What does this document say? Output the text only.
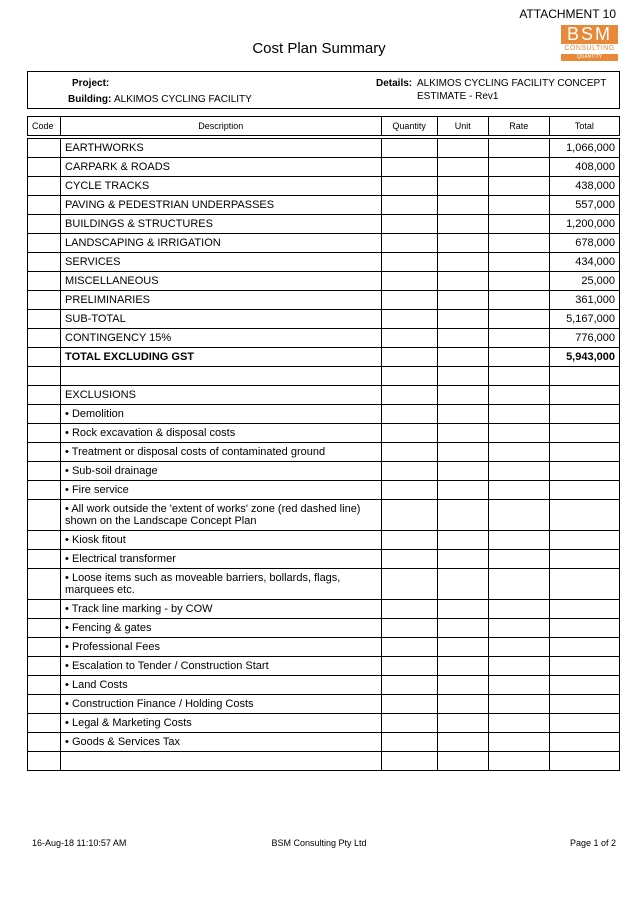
ATTACHMENT 10
BSM
CONSULTING
QUANTITY SURVEYORS
Cost Plan Summary
Project:
Building: ALKIMOS CYCLING FACILITY
Details: ALKIMOS CYCLING FACILITY CONCEPT
ESTIMATE - Rev1
Code	Description	Quantity	Unit	Rate	Total

	EARTHWORKS				1,066,000
	CARPARK & ROADS				408,000
	CYCLE TRACKS				438,000
	PAVING & PEDESTRIAN UNDERPASSES				557,000
	BUILDINGS & STRUCTURES				1,200,000
	LANDSCAPING & IRRIGATION				678,000
	SERVICES				434,000
	MISCELLANEOUS				25,000
	PRELIMINARIES				361,000
	SUB-TOTAL				5,167,000
	CONTINGENCY 15%				776,000
	TOTAL EXCLUDING GST				5,943,000

	EXCLUSIONS				
	• Demolition				
	• Rock excavation & disposal costs				
	• Treatment or disposal costs of contaminated ground				
	• Sub-soil drainage				
	• Fire service				
	• All work outside the 'extent of works' zone (red dashed line) shown on the Landscape Concept Plan				
	• Kiosk fitout				
	• Electrical transformer				
	• Loose items such as moveable barriers, bollards, flags, marquees etc.				
	• Track line marking - by COW				
	• Fencing & gates				
	• Professional Fees				
	• Escalation to Tender / Construction Start				
	• Land Costs				
	• Construction Finance / Holding Costs				
	• Legal & Marketing Costs				
	• Goods & Services Tax				

16-Aug-18 11:10:57 AM	BSM Consulting Pty Ltd	Page 1 of 2
